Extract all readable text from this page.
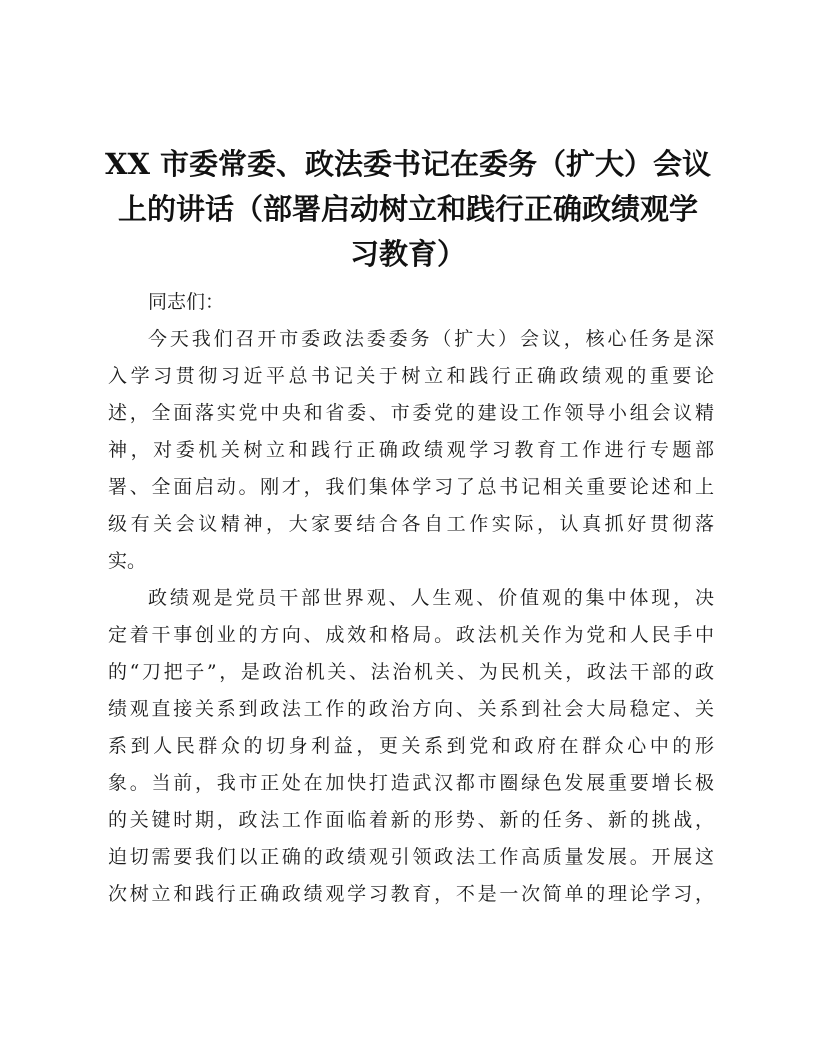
XX 市委常委、政法委书记在委务（扩大）会议
上的讲话（部署启动树立和践行正确政绩观学
习教育）

同志们：

今天我们召开市委政法委委务（扩大）会议，核心任务是深
入学习贯彻习近平总书记关于树立和践行正确政绩观的重要论
述，全面落实党中央和省委、市委党的建设工作领导小组会议精
神，对委机关树立和践行正确政绩观学习教育工作进行专题部
署、全面启动。刚才，我们集体学习了总书记相关重要论述和上
级有关会议精神，大家要结合各自工作实际，认真抓好贯彻落
实。

政绩观是党员干部世界观、人生观、价值观的集中体现，决
定着干事创业的方向、成效和格局。政法机关作为党和人民手中
的“刀把子”，是政治机关、法治机关、为民机关，政法干部的政
绩观直接关系到政法工作的政治方向、关系到社会大局稳定、关
系到人民群众的切身利益，更关系到党和政府在群众心中的形
象。当前，我市正处在加快打造武汉都市圈绿色发展重要增长极
的关键时期，政法工作面临着新的形势、新的任务、新的挑战，
迫切需要我们以正确的政绩观引领政法工作高质量发展。开展这
次树立和践行正确政绩观学习教育，不是一次简单的理论学习，
